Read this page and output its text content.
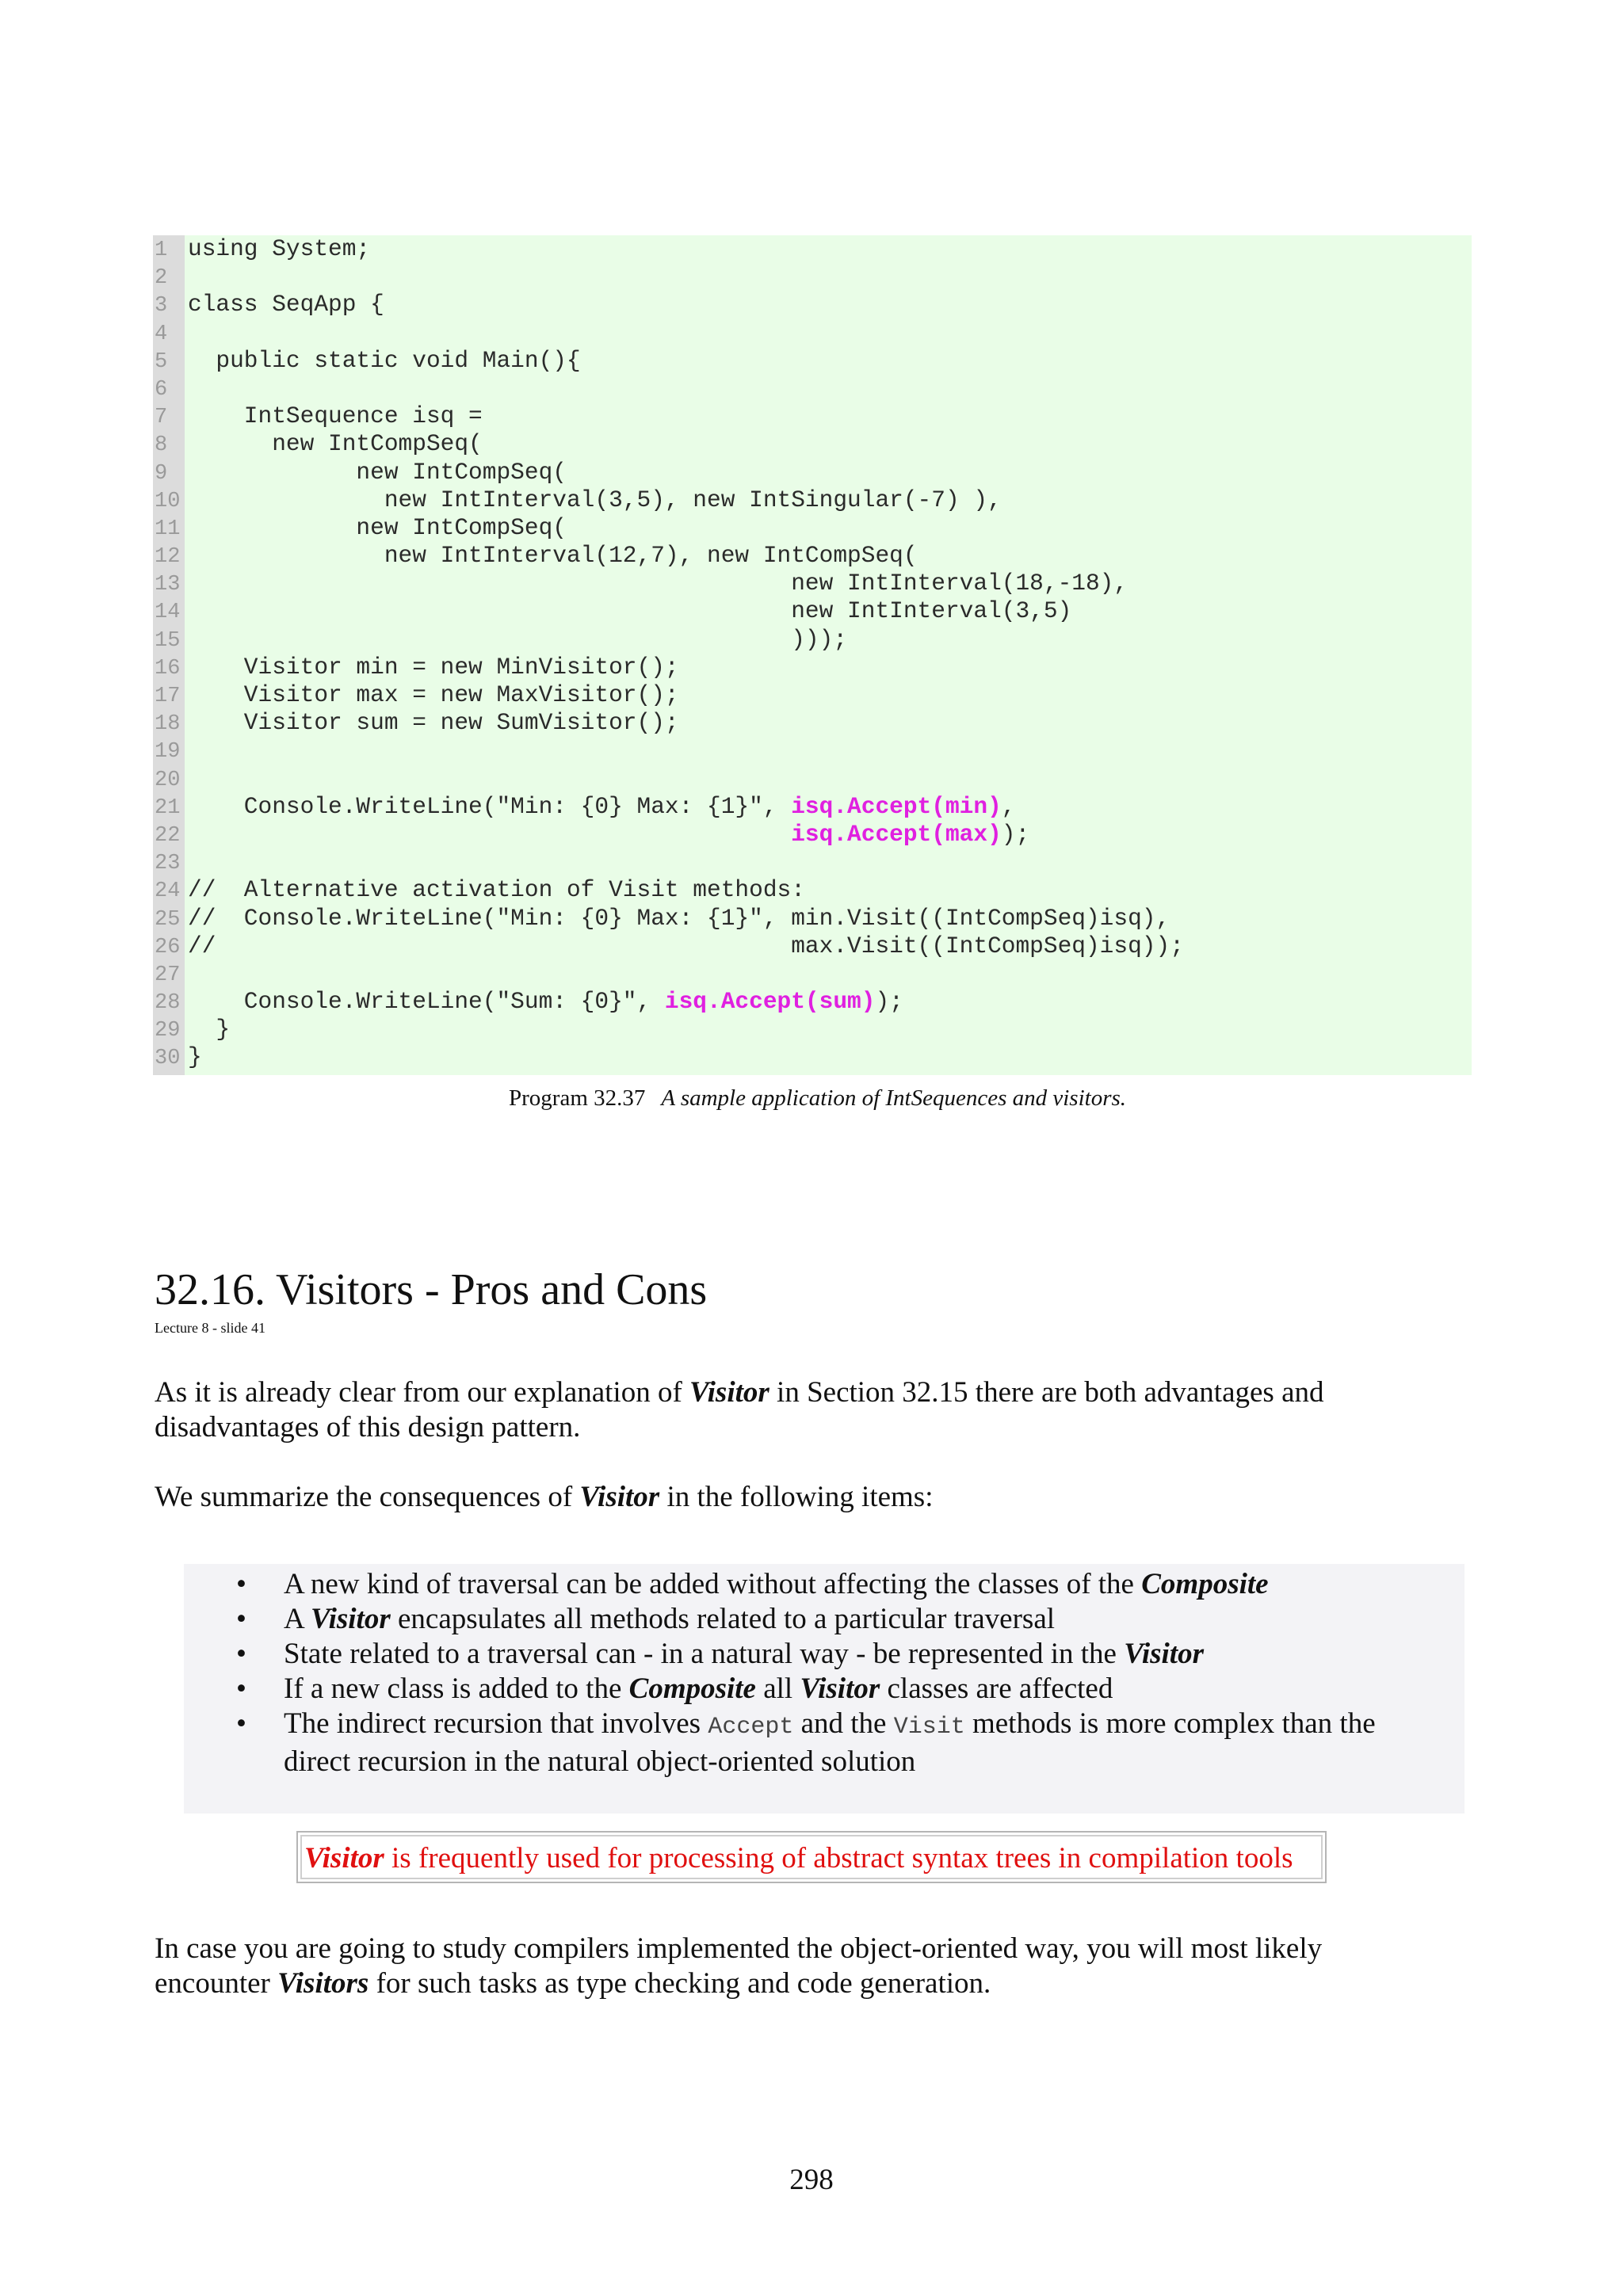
1 using System;
2
3 class SeqApp {
4
5  public static void Main(){
6
7    IntSequence isq =
8      new IntCompSeq(
9            new IntCompSeq(
10              new IntInterval(3,5), new IntSingular(-7) ),
11            new IntCompSeq(
12              new IntInterval(12,7), new IntCompSeq(
13                                           new IntInterval(18,-18),
14                                           new IntInterval(3,5)
15                                           )));
16    Visitor min = new MinVisitor();
17    Visitor max = new MaxVisitor();
18    Visitor sum = new SumVisitor();
19
20
21    Console.WriteLine("Min: {0} Max: {1}", isq.Accept(min),
22	isq.Accept(max));
23
24 //  Alternative activation of Visit methods:
25 //  Console.WriteLine("Min: {0} Max: {1}", min.Visit((IntCompSeq)isq),
26 //                                         max.Visit((IntCompSeq)isq));
27
28    Console.WriteLine("Sum: {0}", isq.Accept(sum));
29  }
30 }
Program 32.37 A sample application of IntSequences and visitors.
32.16. Visitors - Pros and Cons
Lecture 8 - slide 41

As it is already clear from our explanation of Visitor in Section 32.15 there are both advantages and disadvantages of this design pattern.

We summarize the consequences of Visitor in the following items:

• A new kind of traversal can be added without affecting the classes of the Composite
• A Visitor encapsulates all methods related to a particular traversal
• State related to a traversal can - in a natural way - be represented in the Visitor
• If a new class is added to the Composite all Visitor classes are affected
• The indirect recursion that involves Accept and the Visit methods is more complex than the direct recursion in the natural object-oriented solution
Visitor is frequently used for processing of abstract syntax trees in compilation tools

In case you are going to study compilers implemented the object-oriented way, you will most likely encounter Visitors for such tasks as type checking and code generation.

298
